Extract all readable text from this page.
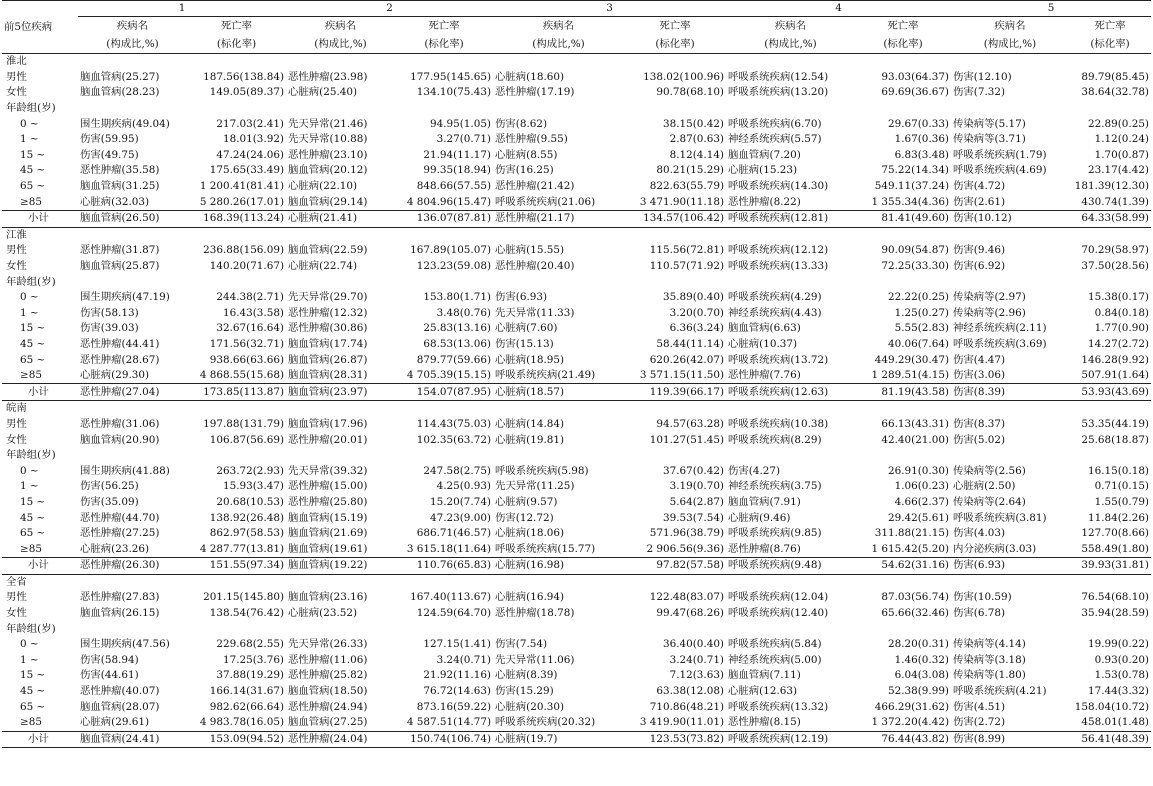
前5位疾病	1		2		3		4		5	
	疾病名	死亡率	疾病名	死亡率	疾病名	死亡率	疾病名	死亡率	疾病名	死亡率
	(构成比,%)	(标化率)	(构成比,%)	(标化率)	(构成比,%)	(标化率)	(构成比,%)	(标化率)	(构成比,%)	(标化率)
淮北										
男性	脑血管病(25.27)	187.56(138.84)	恶性肿瘤(23.98)	177.95(145.65)	心脏病(18.60)	138.02(100.96)	呼吸系统疾病(12.54)	93.03(64.37)	伤害(12.10)	89.79(85.45)
女性	脑血管病(28.23)	149.05(89.37)	心脏病(25.40)	134.10(75.43)	恶性肿瘤(17.19)	90.78(68.10)	呼吸系统疾病(13.20)	69.69(36.67)	伤害(7.32)	38.64(32.78)
年龄组(岁)										
0 ~	围生期疾病(49.04)	217.03(2.41)	先天异常(21.46)	94.95(1.05)	伤害(8.62)	38.15(0.42)	呼吸系统疾病(6.70)	29.67(0.33)	传染病等(5.17)	22.89(0.25)
1 ~	伤害(59.95)	18.01(3.92)	先天异常(10.88)	3.27(0.71)	恶性肿瘤(9.55)	2.87(0.63)	神经系统疾病(5.57)	1.67(0.36)	传染病等(3.71)	1.12(0.24)
15 ~	伤害(49.75)	47.24(24.06)	恶性肿瘤(23.10)	21.94(11.17)	心脏病(8.55)	8.12(4.14)	脑血管病(7.20)	6.83(3.48)	呼吸系统疾病(1.79)	1.70(0.87)
45 ~	恶性肿瘤(35.58)	175.65(33.49)	脑血管病(20.12)	99.35(18.94)	伤害(16.25)	80.21(15.29)	心脏病(15.23)	75.22(14.34)	呼吸系统疾病(4.69)	23.17(4.42)
65 ~	脑血管病(31.25)	1 200.41(81.41)	心脏病(22.10)	848.66(57.55)	恶性肿瘤(21.42)	822.63(55.79)	呼吸系统疾病(14.30)	549.11(37.24)	伤害(4.72)	181.39(12.30)
≥85	心脏病(32.03)	5 280.26(17.01)	脑血管病(29.14)	4 804.96(15.47)	呼吸系统疾病(21.06)	3 471.90(11.18)	恶性肿瘤(8.22)	1 355.34(4.36)	伤害(2.61)	430.74(1.39)
小计	脑血管病(26.50)	168.39(113.24)	心脏病(21.41)	136.07(87.81)	恶性肿瘤(21.17)	134.57(106.42)	呼吸系统疾病(12.81)	81.41(49.60)	伤害(10.12)	64.33(58.99)
江淮										
男性	恶性肿瘤(31.87)	236.88(156.09)	脑血管病(22.59)	167.89(105.07)	心脏病(15.55)	115.56(72.81)	呼吸系统疾病(12.12)	90.09(54.87)	伤害(9.46)	70.29(58.97)
女性	脑血管病(25.87)	140.20(71.67)	心脏病(22.74)	123.23(59.08)	恶性肿瘤(20.40)	110.57(71.92)	呼吸系统疾病(13.33)	72.25(33.30)	伤害(6.92)	37.50(28.56)
年龄组(岁)										
0 ~	围生期疾病(47.19)	244.38(2.71)	先天异常(29.70)	153.80(1.71)	伤害(6.93)	35.89(0.40)	呼吸系统疾病(4.29)	22.22(0.25)	传染病等(2.97)	15.38(0.17)
1 ~	伤害(58.13)	16.43(3.58)	恶性肿瘤(12.32)	3.48(0.76)	先天异常(11.33)	3.20(0.70)	神经系统疾病(4.43)	1.25(0.27)	传染病等(2.96)	0.84(0.18)
15 ~	伤害(39.03)	32.67(16.64)	恶性肿瘤(30.86)	25.83(13.16)	心脏病(7.60)	6.36(3.24)	脑血管病(6.63)	5.55(2.83)	神经系统疾病(2.11)	1.77(0.90)
45 ~	恶性肿瘤(44.41)	171.56(32.71)	脑血管病(17.74)	68.53(13.06)	伤害(15.13)	58.44(11.14)	心脏病(10.37)	40.06(7.64)	呼吸系统疾病(3.69)	14.27(2.72)
65 ~	恶性肿瘤(28.67)	938.66(63.66)	脑血管病(26.87)	879.77(59.66)	心脏病(18.95)	620.26(42.07)	呼吸系统疾病(13.72)	449.29(30.47)	伤害(4.47)	146.28(9.92)
≥85	心脏病(29.30)	4 868.55(15.68)	脑血管病(28.31)	4 705.39(15.15)	呼吸系统疾病(21.49)	3 571.15(11.50)	恶性肿瘤(7.76)	1 289.51(4.15)	伤害(3.06)	507.91(1.64)
小计	恶性肿瘤(27.04)	173.85(113.87)	脑血管病(23.97)	154.07(87.95)	心脏病(18.57)	119.39(66.17)	呼吸系统疾病(12.63)	81.19(43.58)	伤害(8.39)	53.93(43.69)
皖南										
男性	恶性肿瘤(31.06)	197.88(131.79)	脑血管病(17.96)	114.43(75.03)	心脏病(14.84)	94.57(63.28)	呼吸系统疾病(10.38)	66.13(43.31)	伤害(8.37)	53.35(44.19)
女性	脑血管病(20.90)	106.87(56.69)	恶性肿瘤(20.01)	102.35(63.72)	心脏病(19.81)	101.27(51.45)	呼吸系统疾病(8.29)	42.40(21.00)	伤害(5.02)	25.68(18.87)
年龄组(岁)										
0 ~	围生期疾病(41.88)	263.72(2.93)	先天异常(39.32)	247.58(2.75)	呼吸系统疾病(5.98)	37.67(0.42)	伤害(4.27)	26.91(0.30)	传染病等(2.56)	16.15(0.18)
1 ~	伤害(56.25)	15.93(3.47)	恶性肿瘤(15.00)	4.25(0.93)	先天异常(11.25)	3.19(0.70)	神经系统疾病(3.75)	1.06(0.23)	心脏病(2.50)	0.71(0.15)
15 ~	伤害(35.09)	20.68(10.53)	恶性肿瘤(25.80)	15.20(7.74)	心脏病(9.57)	5.64(2.87)	脑血管病(7.91)	4.66(2.37)	传染病等(2.64)	1.55(0.79)
45 ~	恶性肿瘤(44.70)	138.92(26.48)	脑血管病(15.19)	47.23(9.00)	伤害(12.72)	39.53(7.54)	心脏病(9.46)	29.42(5.61)	呼吸系统疾病(3.81)	11.84(2.26)
65 ~	恶性肿瘤(27.25)	862.97(58.53)	脑血管病(21.69)	686.71(46.57)	心脏病(18.06)	571.96(38.79)	呼吸系统疾病(9.85)	311.88(21.15)	伤害(4.03)	127.70(8.66)
≥85	心脏病(23.26)	4 287.77(13.81)	脑血管病(19.61)	3 615.18(11.64)	呼吸系统疾病(15.77)	2 906.56(9.36)	恶性肿瘤(8.76)	1 615.42(5.20)	内分泌疾病(3.03)	558.49(1.80)
小计	恶性肿瘤(26.30)	151.55(97.34)	脑血管病(19.22)	110.76(65.83)	心脏病(16.98)	97.82(57.58)	呼吸系统疾病(9.48)	54.62(31.16)	伤害(6.93)	39.93(31.81)
全省										
男性	恶性肿瘤(27.83)	201.15(145.80)	脑血管病(23.16)	167.40(113.67)	心脏病(16.94)	122.48(83.07)	呼吸系统疾病(12.04)	87.03(56.74)	伤害(10.59)	76.54(68.10)
女性	脑血管病(26.15)	138.54(76.42)	心脏病(23.52)	124.59(64.70)	恶性肿瘤(18.78)	99.47(68.26)	呼吸系统疾病(12.40)	65.66(32.46)	伤害(6.78)	35.94(28.59)
年龄组(岁)										
0 ~	围生期疾病(47.56)	229.68(2.55)	先天异常(26.33)	127.15(1.41)	伤害(7.54)	36.40(0.40)	呼吸系统疾病(5.84)	28.20(0.31)	传染病等(4.14)	19.99(0.22)
1 ~	伤害(58.94)	17.25(3.76)	恶性肿瘤(11.06)	3.24(0.71)	先天异常(11.06)	3.24(0.71)	神经系统疾病(5.00)	1.46(0.32)	传染病等(3.18)	0.93(0.20)
15 ~	伤害(44.61)	37.88(19.29)	恶性肿瘤(25.82)	21.92(11.16)	心脏病(8.39)	7.12(3.63)	脑血管病(7.11)	6.04(3.08)	传染病等(1.80)	1.53(0.78)
45 ~	恶性肿瘤(40.07)	166.14(31.67)	脑血管病(18.50)	76.72(14.63)	伤害(15.29)	63.38(12.08)	心脏病(12.63)	52.38(9.99)	呼吸系统疾病(4.21)	17.44(3.32)
65 ~	脑血管病(28.07)	982.62(66.64)	恶性肿瘤(24.94)	873.16(59.22)	心脏病(20.30)	710.86(48.21)	呼吸系统疾病(13.32)	466.29(31.62)	伤害(4.51)	158.04(10.72)
≥85	心脏病(29.61)	4 983.78(16.05)	脑血管病(27.25)	4 587.51(14.77)	呼吸系统疾病(20.32)	3 419.90(11.01)	恶性肿瘤(8.15)	1 372.20(4.42)	伤害(2.72)	458.01(1.48)
小计	脑血管病(24.41)	153.09(94.52)	恶性肿瘤(24.04)	150.74(106.74)	心脏病(19.7)	123.53(73.82)	呼吸系统疾病(12.19)	76.44(43.82)	伤害(8.99)	56.41(48.39)
